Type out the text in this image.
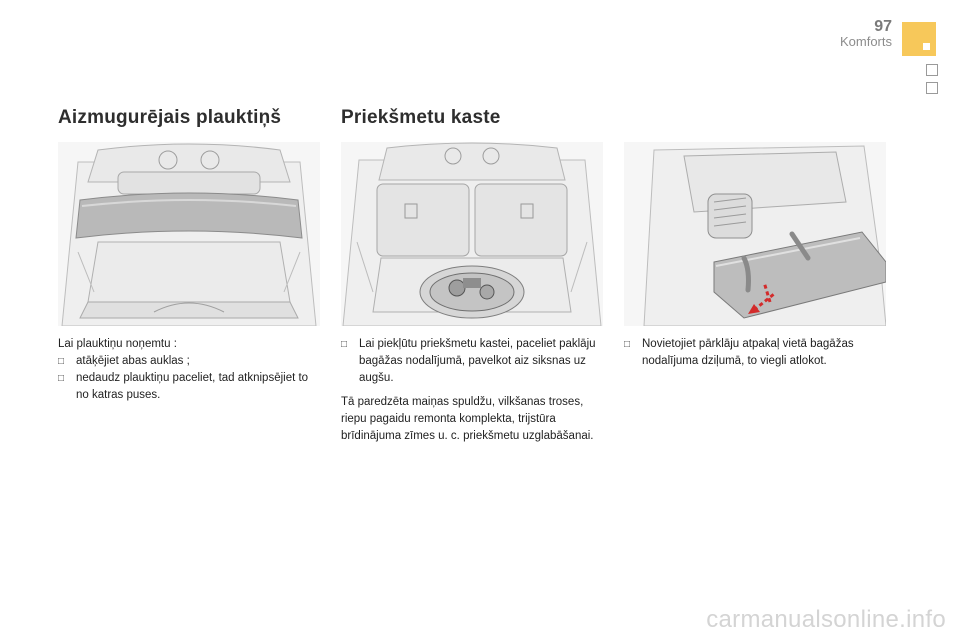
97
Komforts
Aizmugurējais plauktiņš	Priekšmetu kaste

Lai plauktiņu noņemtu :

□ atāķējiet abas auklas ;
□ nedaudz plauktiņu paceliet, tad atknipsējiet to no katras puses.

□ Lai piekļūtu priekšmetu kastei, paceliet paklāju bagāžas nodalījumā, pavelkot aiz siksnas uz augšu.

Tā paredzēta maiņas spuldžu, vilkšanas troses, riepu pagaidu remonta komplekta, trijstūra brīdinājuma zīmes u. c. priekšmetu uzglabāšanai.

□ Novietojiet pārklāju atpakaļ vietā bagāžas nodalījuma dziļumā, to viegli atlokot.

carmanualsonline.info
